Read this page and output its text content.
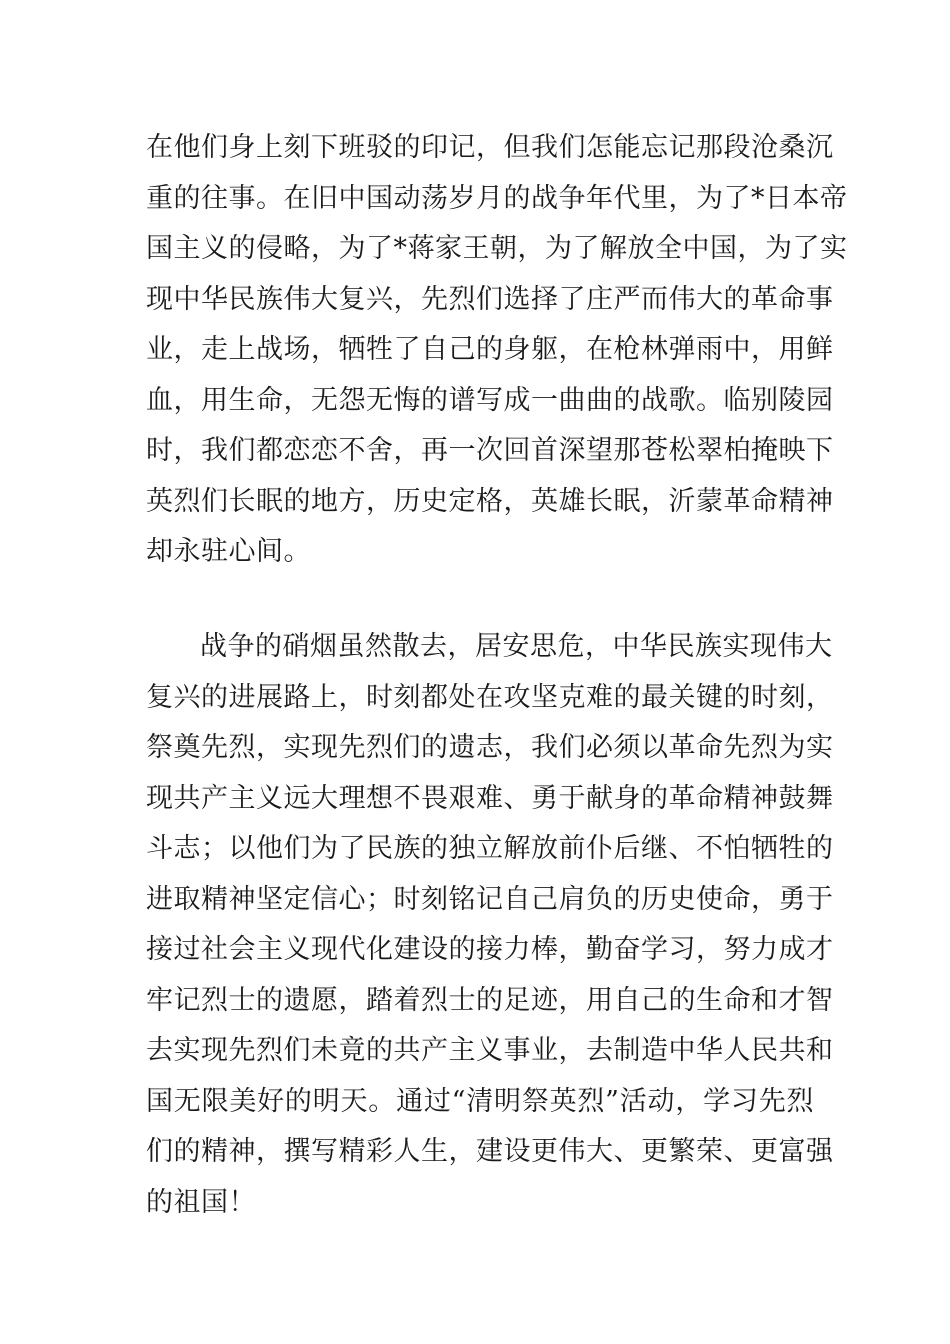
在他们身上刻下班驳的印记，但我们怎能忘记那段沧桑沉
重的往事。在旧中国动荡岁月的战争年代里，为了*日本帝
国主义的侵略，为了*蒋家王朝，为了解放全中国，为了实
现中华民族伟大复兴，先烈们选择了庄严而伟大的革命事
业，走上战场，牺牲了自己的身躯，在枪林弹雨中，用鲜
血，用生命，无怨无悔的谱写成一曲曲的战歌。临别陵园
时，我们都恋恋不舍，再一次回首深望那苍松翠柏掩映下
英烈们长眠的地方，历史定格，英雄长眠，沂蒙革命精神
却永驻心间。

战争的硝烟虽然散去，居安思危，中华民族实现伟大
复兴的进展路上，时刻都处在攻坚克难的最关键的时刻，
祭奠先烈，实现先烈们的遗志，我们必须以革命先烈为实
现共产主义远大理想不畏艰难、勇于献身的革命精神鼓舞
斗志；以他们为了民族的独立解放前仆后继、不怕牺牲的
进取精神坚定信心；时刻铭记自己肩负的历史使命，勇于
接过社会主义现代化建设的接力棒，勤奋学习，努力成才
牢记烈士的遗愿，踏着烈士的足迹，用自己的生命和才智
去实现先烈们未竟的共产主义事业，去制造中华人民共和
国无限美好的明天。通过“清明祭英烈”活动，学习先烈
们的精神，撰写精彩人生，建设更伟大、更繁荣、更富强
的祖国！
